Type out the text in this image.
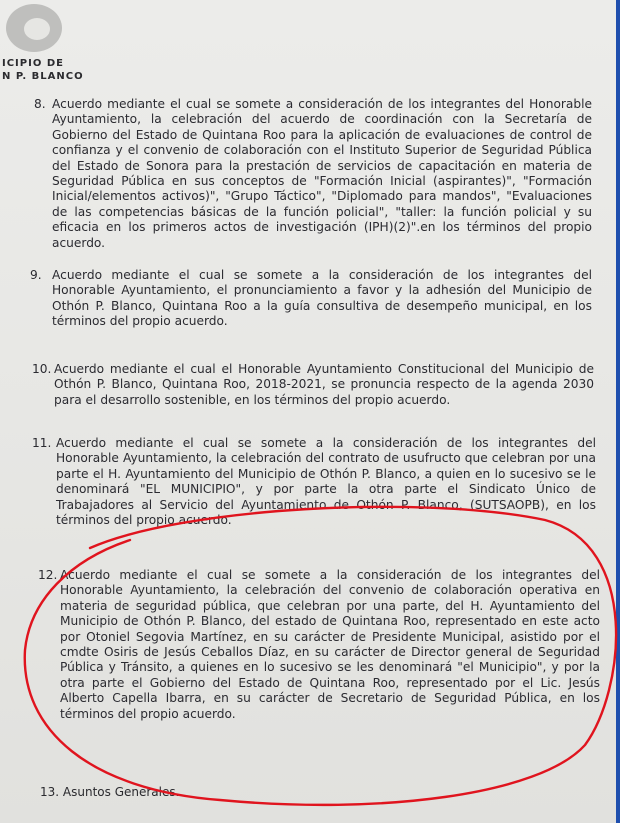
ICIPIO DE
N P. BLANCO
8. Acuerdo mediante el cual se somete a consideración de los integrantes del Honorable Ayuntamiento, la celebración del acuerdo de coordinación con la Secretaría de Gobierno del Estado de Quintana Roo para la aplicación de evaluaciones de control de confianza y el convenio de colaboración con el Instituto Superior de Seguridad Pública del Estado de Sonora para la prestación de servicios de capacitación en materia de Seguridad Pública en sus conceptos de "Formación Inicial (aspirantes)", "Formación Inicial/elementos activos)", "Grupo Táctico", "Diplomado para mandos", "Evaluaciones de las competencias básicas de la función policial", "taller: la función policial y su eficacia en los primeros actos de investigación (IPH)(2)".en los términos del propio acuerdo.
9. Acuerdo mediante el cual se somete a la consideración de los integrantes del Honorable Ayuntamiento, el pronunciamiento a favor y la adhesión del Municipio de Othón P. Blanco, Quintana Roo a la guía consultiva de desempeño municipal, en los términos del propio acuerdo.
10. Acuerdo mediante el cual el Honorable Ayuntamiento Constitucional del Municipio de Othón P. Blanco, Quintana Roo, 2018-2021, se pronuncia respecto de la agenda 2030 para el desarrollo sostenible, en los términos del propio acuerdo.
11. Acuerdo mediante el cual se somete a la consideración de los integrantes del Honorable Ayuntamiento, la celebración del contrato de usufructo que celebran por una parte el H. Ayuntamiento del Municipio de Othón P. Blanco, a quien en lo sucesivo se le denominará "EL MUNICIPIO", y por parte la otra parte el Sindicato Único de Trabajadores al Servicio del Ayuntamiento de Othón P. Blanco, (SUTSAOPB), en los términos del propio acuerdo.
12. Acuerdo mediante el cual se somete a la consideración de los integrantes del Honorable Ayuntamiento, la celebración del convenio de colaboración operativa en materia de seguridad pública, que celebran por una parte, del H. Ayuntamiento del Municipio de Othón P. Blanco, del estado de Quintana Roo, representado en este acto por Otoniel Segovia Martínez, en su carácter de Presidente Municipal, asistido por el cmdte Osiris de Jesús Ceballos Díaz, en su carácter de Director general de Seguridad Pública y Tránsito, a quienes en lo sucesivo se les denominará "el Municipio", y por la otra parte el Gobierno del Estado de Quintana Roo, representado por el Lic. Jesús Alberto Capella Ibarra, en su carácter de Secretario de Seguridad Pública, en los términos del propio acuerdo.
13. Asuntos Generales.
